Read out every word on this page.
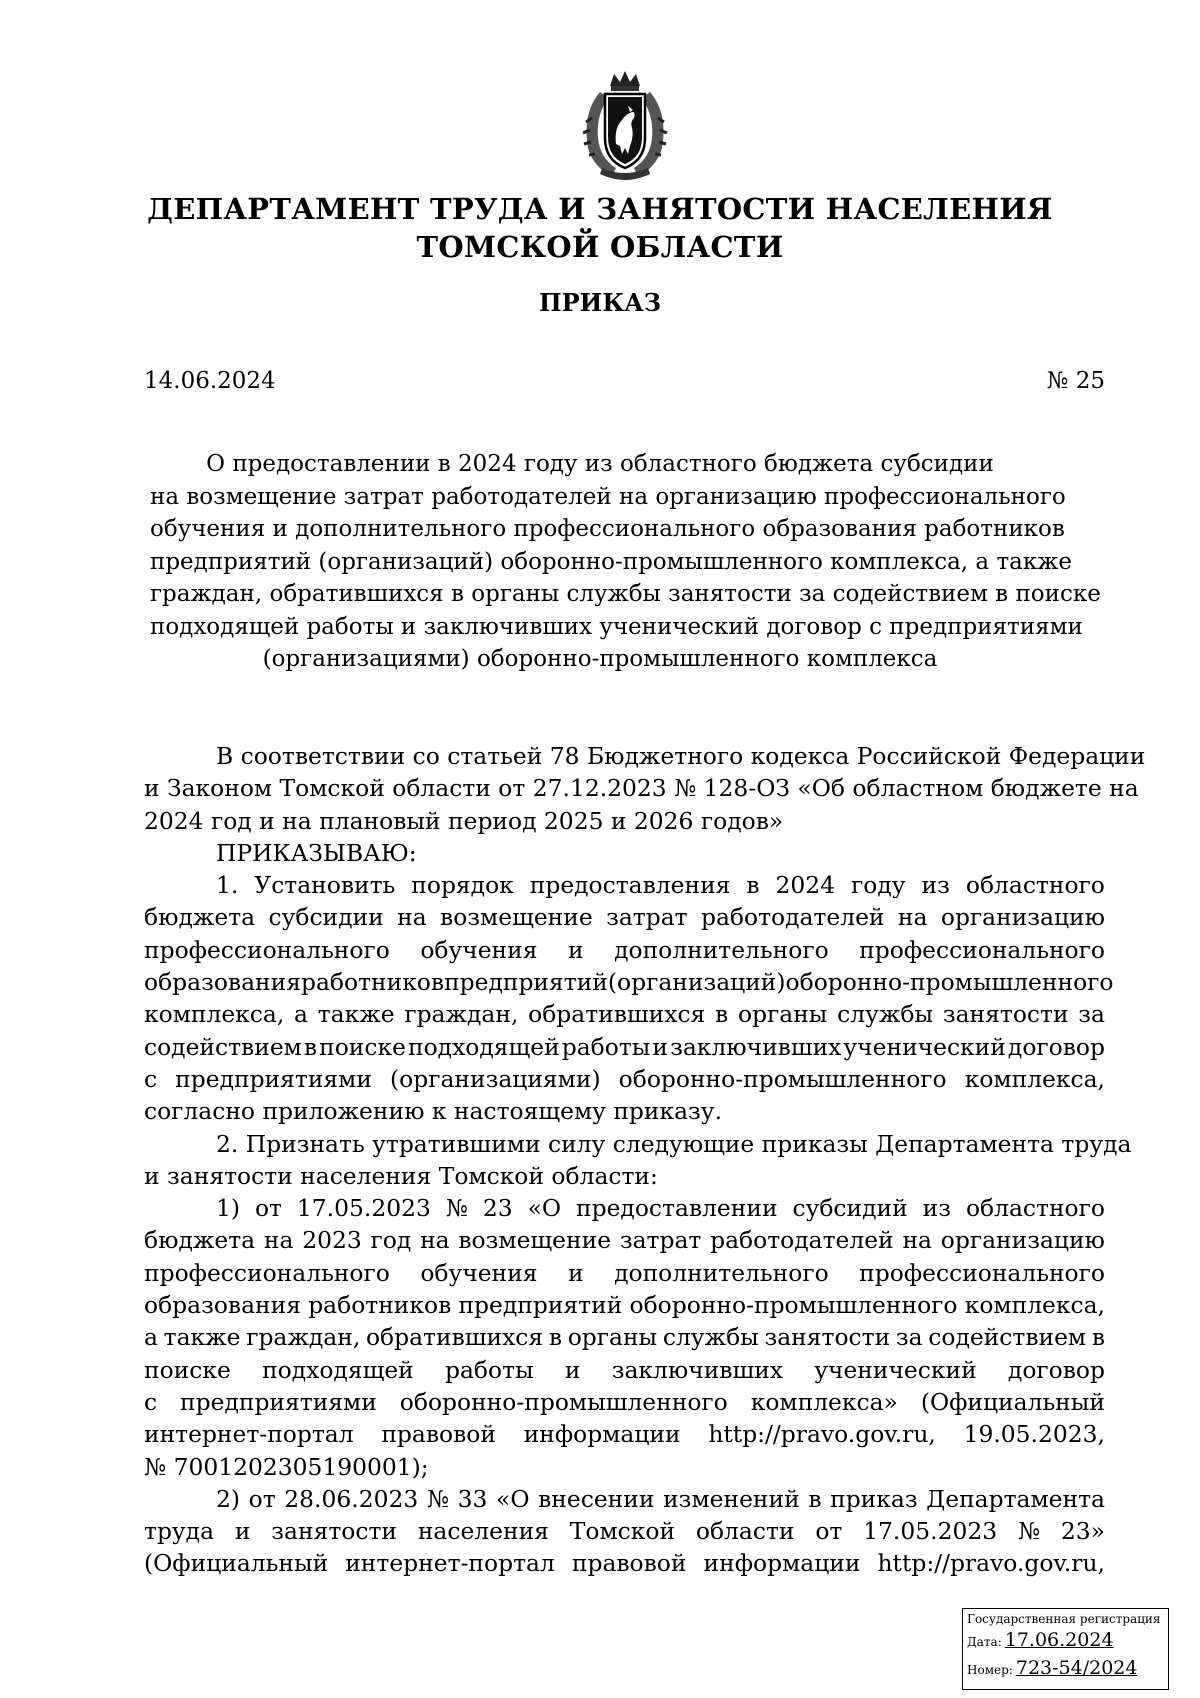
ДЕПАРТАМЕНТ ТРУДА И ЗАНЯТОСТИ НАСЕЛЕНИЯ
ТОМСКОЙ ОБЛАСТИ
ПРИКАЗ
14.06.2024	№ 25
О предоставлении в 2024 году из областного бюджета субсидии
на возмещение затрат работодателей на организацию профессионального
обучения и дополнительного профессионального образования работников
предприятий (организаций) оборонно-промышленного комплекса, а также
граждан, обратившихся в органы службы занятости за содействием в поиске
подходящей работы и заключивших ученический договор с предприятиями
(организациями) оборонно-промышленного комплекса
В соответствии со статьей 78 Бюджетного кодекса Российской Федерации
и Законом Томской области от 27.12.2023 № 128-ОЗ «Об областном бюджете на
2024 год и на плановый период 2025 и 2026 годов»
ПРИКАЗЫВАЮ:
1. Установить порядок предоставления в 2024 году из областного
бюджета субсидии на возмещение затрат работодателей на организацию
профессионального обучения и дополнительного профессионального
образования работников предприятий (организаций) оборонно-промышленного
комплекса, а также граждан, обратившихся в органы службы занятости за
содействием в поиске подходящей работы и заключивших ученический договор
с предприятиями (организациями) оборонно-промышленного комплекса,
согласно приложению к настоящему приказу.
2. Признать утратившими силу следующие приказы Департамента труда
и занятости населения Томской области:
1) от 17.05.2023 № 23 «О предоставлении субсидий из областного
бюджета на 2023 год на возмещение затрат работодателей на организацию
профессионального обучения и дополнительного профессионального
образования работников предприятий оборонно-промышленного комплекса,
а также граждан, обратившихся в органы службы занятости за содействием в
поиске подходящей работы и заключивших ученический договор
с предприятиями оборонно-промышленного комплекса» (Официальный
интернет-портал правовой информации http://pravo.gov.ru, 19.05.2023,
№ 7001202305190001);
2) от 28.06.2023 № 33 «О внесении изменений в приказ Департамента
труда и занятости населения Томской области от 17.05.2023 № 23»
(Официальный интернет-портал правовой информации http://pravo.gov.ru,
Государственная регистрация
Дата: 17.06.2024
Номер: 723-54/2024
